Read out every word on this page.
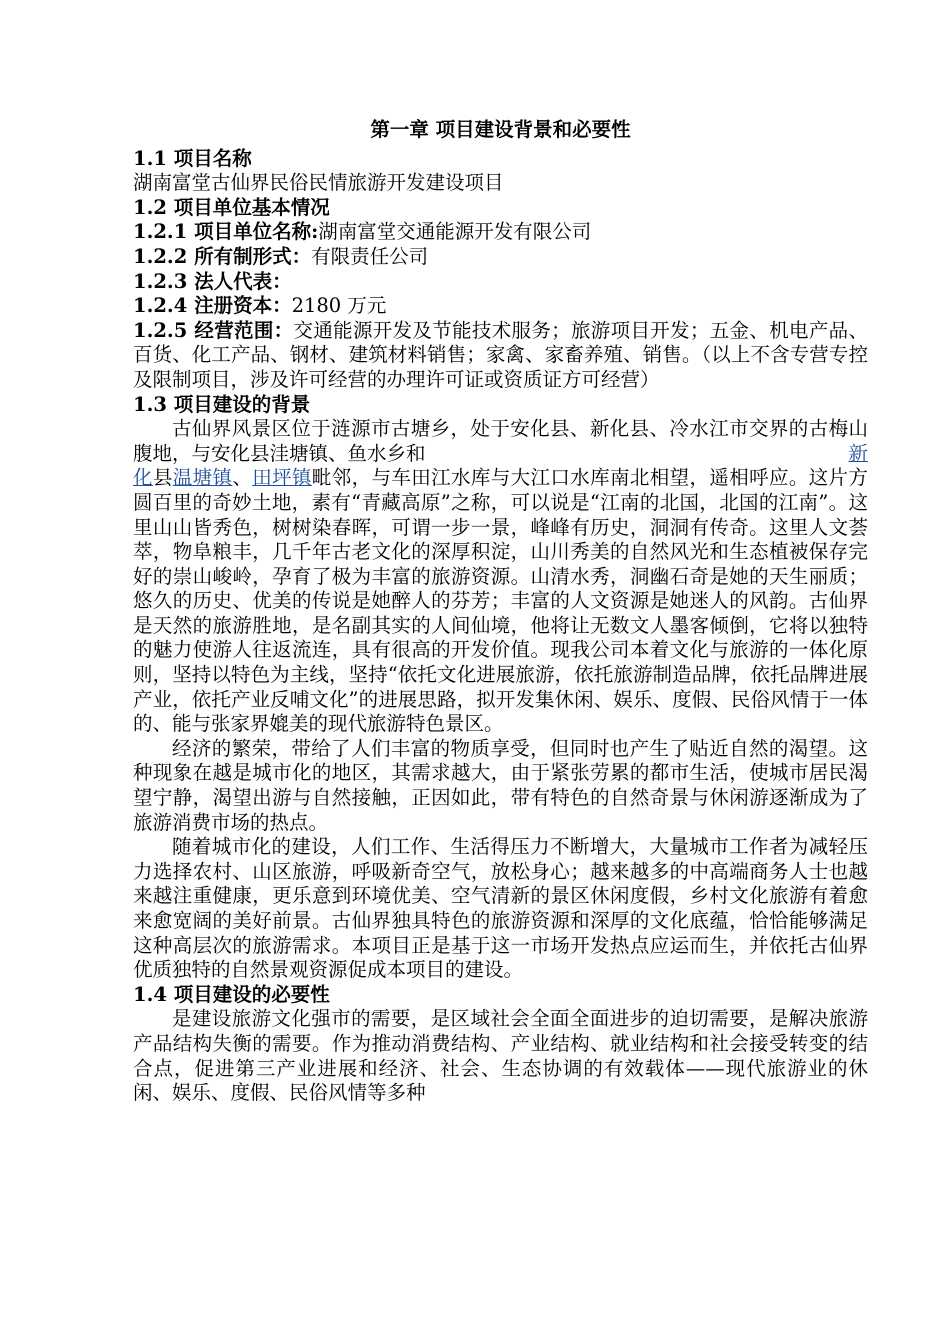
第一章 项目建设背景和必要性

1.1 项目名称

湖南富堂古仙界民俗民情旅游开发建设项目

1.2 项目单位基本情况

1.2.1 项目单位名称:湖南富堂交通能源开发有限公司

1.2.2 所有制形式：有限责任公司

1.2.3 法人代表：

1.2.4 注册资本：2180 万元

1.2.5 经营范围：交通能源开发及节能技术服务；旅游项目开发；五金、机电产品、百货、化工产品、钢材、建筑材料销售；家禽、家畜养殖、销售。（以上不含专营专控及限制项目，涉及许可经营的办理许可证或资质证方可经营）

1.3 项目建设的背景

古仙界风景区位于涟源市古塘乡，处于安化县、新化县、冷水江市交界的古梅山腹地，与安化县洼塘镇、鱼水乡和	新

化县温塘镇、田坪镇毗邻，与车田江水库与大江口水库南北相望，遥相呼应。这片方圆百里的奇妙土地，素有“青藏高原”之称，可以说是“江南的北国，北国的江南”。这里山山皆秀色，树树染春晖，可谓一步一景，峰峰有历史，洞洞有传奇。这里人文荟萃，物阜粮丰，几千年古老文化的深厚积淀，山川秀美的自然风光和生态植被保存完好的崇山峻岭，孕育了极为丰富的旅游资源。山清水秀，洞幽石奇是她的天生丽质；悠久的历史、优美的传说是她醉人的芬芳；丰富的人文资源是她迷人的风韵。古仙界是天然的旅游胜地，是名副其实的人间仙境，他将让无数文人墨客倾倒，它将以独特的魅力使游人往返流连，具有很高的开发价值。现我公司本着文化与旅游的一体化原则，坚持以特色为主线，坚持“依托文化进展旅游，依托旅游制造品牌，依托品牌进展产业，依托产业反哺文化”的进展思路，拟开发集休闲、娱乐、度假、民俗风情于一体的、能与张家界媲美的现代旅游特色景区。

经济的繁荣，带给了人们丰富的物质享受，但同时也产生了贴近自然的渴望。这种现象在越是城市化的地区，其需求越大，由于紧张劳累的都市生活，使城市居民渴望宁静，渴望出游与自然接触，正因如此，带有特色的自然奇景与休闲游逐渐成为了旅游消费市场的热点。

随着城市化的建设，人们工作、生活得压力不断增大，大量城市工作者为减轻压力选择农村、山区旅游，呼吸新奇空气，放松身心；越来越多的中高端商务人士也越来越注重健康，更乐意到环境优美、空气清新的景区休闲度假，乡村文化旅游有着愈来愈宽阔的美好前景。古仙界独具特色的旅游资源和深厚的文化底蕴，恰恰能够满足这种高层次的旅游需求。本项目正是基于这一市场开发热点应运而生，并依托古仙界优质独特的自然景观资源促成本项目的建设。

1.4 项目建设的必要性

是建设旅游文化强市的需要，是区域社会全面全面进步的迫切需要，是解决旅游产品结构失衡的需要。作为推动消费结构、产业结构、就业结构和社会接受转变的结合点，促进第三产业进展和经济、社会、生态协调的有效载体——现代旅游业的休闲、娱乐、度假、民俗风情等多种
